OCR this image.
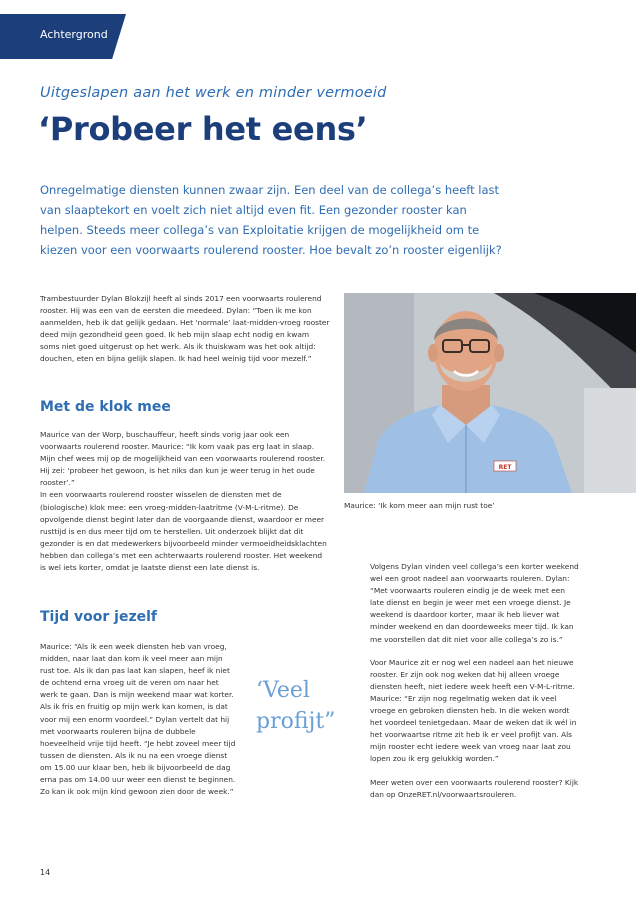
Achtergrond
Uitgeslapen aan het werk en minder vermoeid
‘Probeer het eens’

Onregelmatige diensten kunnen zwaar zijn. Een deel van de collega’s heeft last van slaaptekort en voelt zich niet altijd even fit. Een gezonder rooster kan helpen. Steeds meer collega’s van Exploitatie krijgen de mogelijkheid om te kiezen voor een voorwaarts roulerend rooster. Hoe bevalt zo’n rooster eigenlijk?

Trambestuurder Dylan Blokzijl heeft al sinds 2017 een voorwaarts roulerend rooster. Hij was een van de eersten die meedeed. Dylan: “Toen ik me kon aanmelden, heb ik dat gelijk gedaan. Het ‘normale’ laat-midden-vroeg rooster deed mijn gezondheid geen goed. Ik heb mijn slaap echt nodig en kwam soms niet goed uitgerust op het werk. Als ik thuiskwam was het ook altijd: douchen, eten en bijna gelijk slapen. Ik had heel weinig tijd voor mezelf.”

Met de klok mee

Maurice van der Worp, buschauffeur, heeft sinds vorig jaar ook een voorwaarts roulerend rooster. Maurice: “Ik kom vaak pas erg laat in slaap. Mijn chef wees mij op de mogelijkheid van een voorwaarts roulerend rooster. Hij zei: ‘probeer het gewoon, is het niks dan kun je weer terug in het oude rooster’.”

In een voorwaarts roulerend rooster wisselen de diensten met de (biologische) klok mee: een vroeg-midden-laatritme (V-M-L-ritme). De opvolgende dienst begint later dan de voorgaande dienst, waardoor er meer rusttijd is en dus meer tijd om te herstellen. Uit onderzoek blijkt dat dit gezonder is en dat medewerkers bijvoorbeeld minder vermoeidheidsklachten hebben dan collega’s met een achterwaarts roulerend rooster. Het weekend is wel iets korter, omdat je laatste dienst een late dienst is.

Tijd voor jezelf

Maurice: “Als ik een week diensten heb van vroeg, midden, naar laat dan kom ik veel meer aan mijn rust toe. Als ik dan pas laat kan slapen, heef ik niet de ochtend erna vroeg uit de veren om naar het werk te gaan. Dan is mijn weekend maar wat korter. Als ik fris en fruitig op mijn werk kan komen, is dat voor mij een enorm voordeel.” Dylan vertelt dat hij met voorwaarts rouleren bijna de dubbele hoeveelheid vrije tijd heeft. “Je hebt zoveel meer tijd tussen de diensten. Als ik nu na een vroege dienst om 15.00 uur klaar ben, heb ik bijvoorbeeld de dag erna pas om 14.00 uur weer een dienst te beginnen. Zo kan ik ook mijn kind gewoon zien door de week.”

‘Veel profijt”
RET
Maurice: ‘Ik kom meer aan mijn rust toe’

Volgens Dylan vinden veel collega’s een korter weekend wel een groot nadeel aan voorwaarts rouleren. Dylan: “Met voorwaarts rouleren eindig je de week met een late dienst en begin je weer met een vroege dienst. Je weekend is daardoor korter, maar ik heb liever wat minder weekend en dan doordeweeks meer tijd. Ik kan me voorstellen dat dit niet voor alle collega’s zo is.”

Voor Maurice zit er nog wel een nadeel aan het nieuwe rooster. Er zijn ook nog weken dat hij alleen vroege diensten heeft, niet iedere week heeft een V-M-L-ritme. Maurice: “Er zijn nog regelmatig weken dat ik veel vroege en gebroken diensten heb. In die weken wordt het voordeel tenietgedaan. Maar de weken dat ik wél in het voorwaartse ritme zit heb ik er veel profijt van. Als mijn rooster echt iedere week van vroeg naar laat zou lopen zou ik erg gelukkig worden.”

Meer weten over een voorwaarts roulerend rooster? Kijk dan op OnzeRET.nl/voorwaartsrouleren.

14
